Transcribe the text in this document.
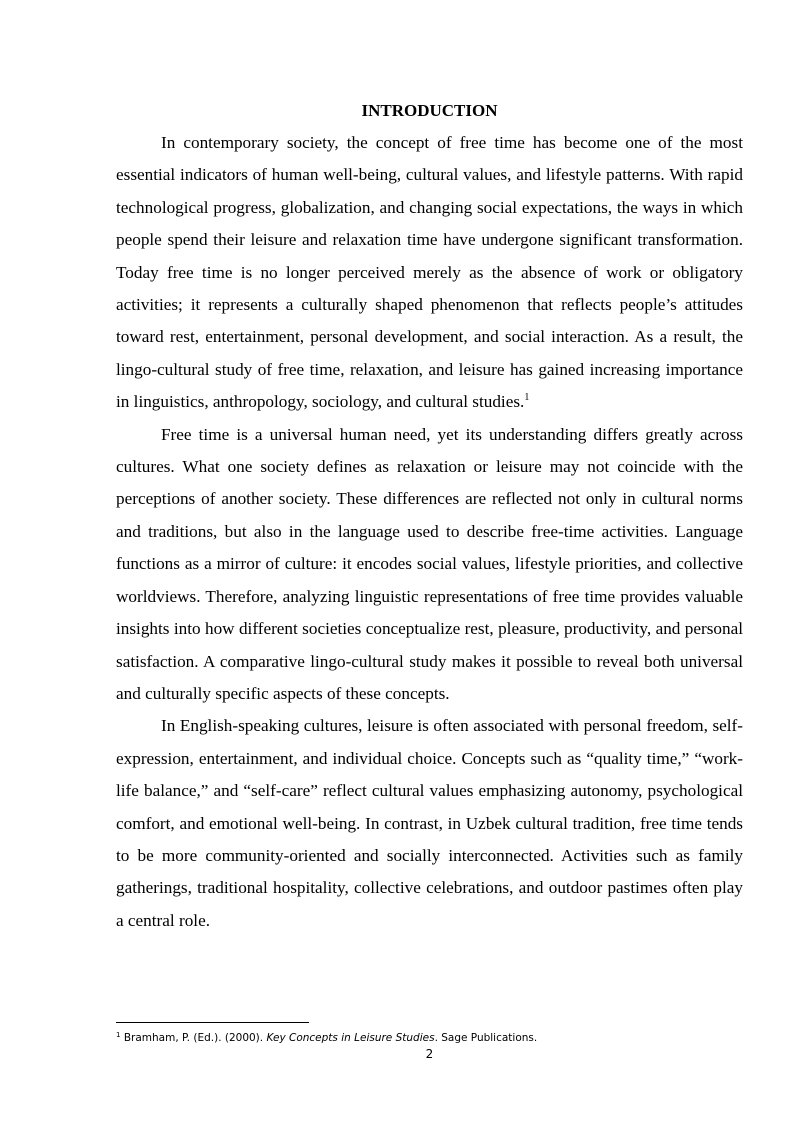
INTRODUCTION

In contemporary society, the concept of free time has become one of the most essential indicators of human well-being, cultural values, and lifestyle patterns. With rapid technological progress, globalization, and changing social expectations, the ways in which people spend their leisure and relaxation time have undergone significant transformation. Today free time is no longer perceived merely as the absence of work or obligatory activities; it represents a culturally shaped phenomenon that reflects people’s attitudes toward rest, entertainment, personal development, and social interaction. As a result, the lingo-cultural study of free time, relaxation, and leisure has gained increasing importance in linguistics, anthropology, sociology, and cultural studies.$^1$

Free time is a universal human need, yet its understanding differs greatly across cultures. What one society defines as relaxation or leisure may not coincide with the perceptions of another society. These differences are reflected not only in cultural norms and traditions, but also in the language used to describe free-time activities. Language functions as a mirror of culture: it encodes social values, lifestyle priorities, and collective worldviews. Therefore, analyzing linguistic representations of free time provides valuable insights into how different societies conceptualize rest, pleasure, productivity, and personal satisfaction. A comparative lingo-cultural study makes it possible to reveal both universal and culturally specific aspects of these concepts.

In English-speaking cultures, leisure is often associated with personal freedom, self-expression, entertainment, and individual choice. Concepts such as “quality time,” “work-life balance,” and “self-care” reflect cultural values emphasizing autonomy, psychological comfort, and emotional well-being. In contrast, in Uzbek cultural tradition, free time tends to be more community-oriented and socially interconnected. Activities such as family gatherings, traditional hospitality, collective celebrations, and outdoor pastimes often play a central role.

$^1$ Bramham, P. (Ed.). (2000). Key Concepts in Leisure Studies. Sage Publications.
2
